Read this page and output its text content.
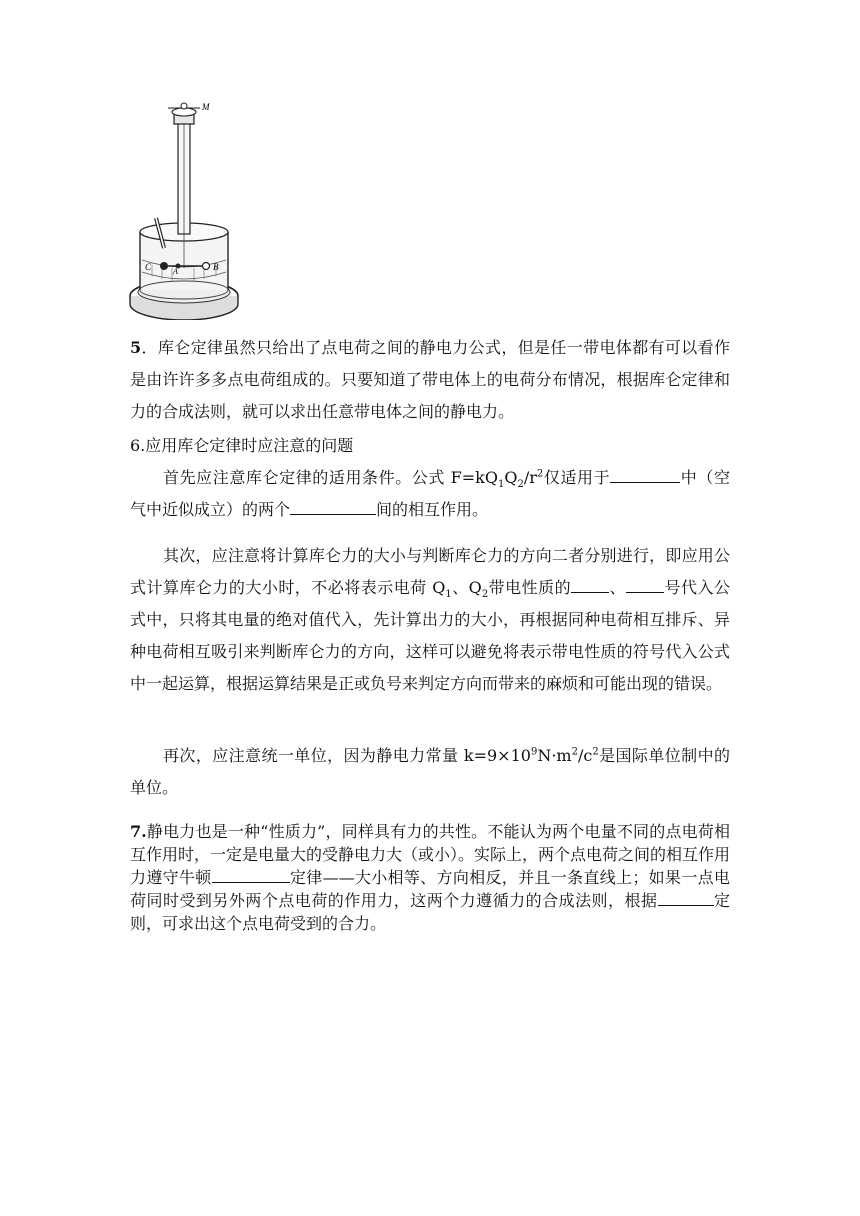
M
A	B
C

5．库仑定律虽然只给出了点电荷之间的静电力公式，但是任一带电体都有可以看作是由许许多多点电荷组成的。只要知道了带电体上的电荷分布情况，根据库仑定律和力的合成法则，就可以求出任意带电体之间的静电力。

6.应用库仑定律时应注意的问题

首先应注意库仑定律的适用条件。公式 $F=kQ_1Q_2/r^2$仅适用于	中（空气中近似成立）的两个	间的相互作用。

其次，应注意将计算库仑力的大小与判断库仑力的方向二者分别进行，即应用公式计算库仑力的大小时，不必将表示电荷 $Q_1$、$Q_2$带电性质的 、 号代入公式中，只将其电量的绝对值代入，先计算出力的大小，再根据同种电荷相互排斥、异种电荷相互吸引来判断库仑力的方向，这样可以避免将表示带电性质的符号代入公式中一起运算，根据运算结果是正或负号来判定方向而带来的麻烦和可能出现的错误。

再次，应注意统一单位，因为静电力常量 $k=9\times 10^9N\cdot m^2/c^2$是国际单位制中的单位。

7.静电力也是一种“性质力”，同样具有力的共性。不能认为两个电量不同的点电荷相互作用时，一定是电量大的受静电力大（或小）。实际上，两个点电荷之间的相互作用力遵守牛顿	定律——大小相等、方向相反，并且一条直线上；如果一点电荷同时受到另外两个点电荷的作用力，这两个力遵循力的合成法则，根据	定则，可求出这个点电荷受到的合力。
